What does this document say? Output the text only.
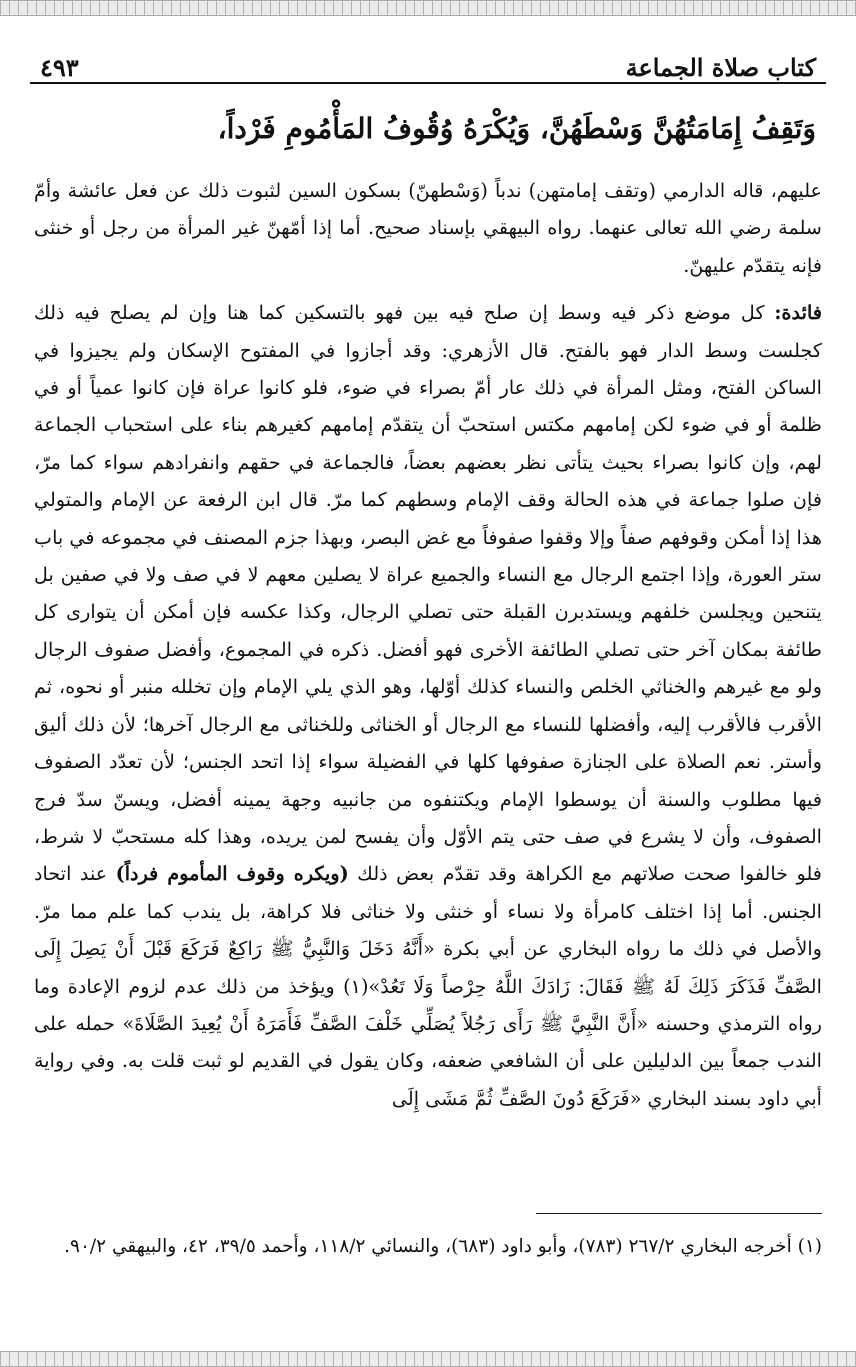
كتاب صلاة الجماعة
٤٩٣
وَتَقِفُ إِمَامَتُهُنَّ وَسْطَهُنَّ، وَيُكْرَهُ وُقُوفُ المَأْمُومِ فَرْداً،

عليهم، قاله الدارمي (وتقف إمامتهن) ندباً (وَسْطهنّ) بسكون السين لثبوت ذلك عن فعل عائشة وأمّ سلمة رضي الله تعالى عنهما. رواه البيهقي بإسناد صحيح. أما إذا أمّهنّ غير المرأة من رجل أو خنثى فإنه يتقدّم عليهنّ.

فائدة: كل موضع ذكر فيه وسط إن صلح فيه بين فهو بالتسكين كما هنا وإن لم يصلح فيه ذلك كجلست وسط الدار فهو بالفتح. قال الأزهري: وقد أجازوا في المفتوح الإسكان ولم يجيزوا في الساكن الفتح، ومثل المرأة في ذلك عار أمّ بصراء في ضوء، فلو كانوا عراة فإن كانوا عمياً أو في ظلمة أو في ضوء لكن إمامهم مكتس استحبّ أن يتقدّم إمامهم كغيرهم بناء على استحباب الجماعة لهم، وإن كانوا بصراء بحيث يتأتى نظر بعضهم بعضاً، فالجماعة في حقهم وانفرادهم سواء كما مرّ، فإن صلوا جماعة في هذه الحالة وقف الإمام وسطهم كما مرّ. قال ابن الرفعة عن الإمام والمتولي هذا إذا أمكن وقوفهم صفاً وإلا وقفوا صفوفاً مع غض البصر، وبهذا جزم المصنف في مجموعه في باب ستر العورة، وإذا اجتمع الرجال مع النساء والجميع عراة لا يصلين معهم لا في صف ولا في صفين بل يتنحين ويجلسن خلفهم ويستدبرن القبلة حتى تصلي الرجال، وكذا عكسه فإن أمكن أن يتوارى كل طائفة بمكان آخر حتى تصلي الطائفة الأخرى فهو أفضل. ذكره في المجموع، وأفضل صفوف الرجال ولو مع غيرهم والخناثي الخلص والنساء كذلك أوّلها، وهو الذي يلي الإمام وإن تخلله منبر أو نحوه، ثم الأقرب فالأقرب إليه، وأفضلها للنساء مع الرجال أو الخناثى وللخناثى مع الرجال آخرها؛ لأن ذلك أليق وأستر. نعم الصلاة على الجنازة صفوفها كلها في الفضيلة سواء إذا اتحد الجنس؛ لأن تعدّد الصفوف فيها مطلوب والسنة أن يوسطوا الإمام ويكتنفوه من جانبيه وجهة يمينه أفضل، ويسنّ سدّ فرج الصفوف، وأن لا يشرع في صف حتى يتم الأوّل وأن يفسح لمن يريده، وهذا كله مستحبّ لا شرط، فلو خالفوا صحت صلاتهم مع الكراهة وقد تقدّم بعض ذلك (ويكره وقوف المأموم فرداً) عند اتحاد الجنس. أما إذا اختلف كامرأة ولا نساء أو خنثى ولا خناثى فلا كراهة، بل يندب كما علم مما مرّ. والأصل في ذلك ما رواه البخاري عن أبي بكرة «أَنَّهُ دَخَلَ وَالنَّبِيُّ ﷺ رَاكِعٌ فَرَكَعَ قَبْلَ أَنْ يَصِلَ إِلَى الصَّفِّ فَذَكَرَ ذَلِكَ لَهُ ﷺ فَقَالَ: زَادَكَ اللَّهُ حِرْصاً وَلَا تَعُدْ»(١) ويؤخذ من ذلك عدم لزوم الإعادة وما رواه الترمذي وحسنه «أَنَّ النَّبِيَّ ﷺ رَأَى رَجُلاً يُصَلِّي خَلْفَ الصَّفِّ فَأَمَرَهُ أَنْ يُعِيدَ الصَّلَاةَ» حمله على الندب جمعاً بين الدليلين على أن الشافعي ضعفه، وكان يقول في القديم لو ثبت قلت به. وفي رواية أبي داود بسند البخاري «فَرَكَعَ دُونَ الصَّفِّ ثُمَّ مَشَى إِلَى

(١) أخرجه البخاري ٢٦٧/٢ (٧٨٣)، وأبو داود (٦٨٣)، والنسائي ١١٨/٢، وأحمد ٣٩/٥، ٤٢، والبيهقي ٩٠/٢.
